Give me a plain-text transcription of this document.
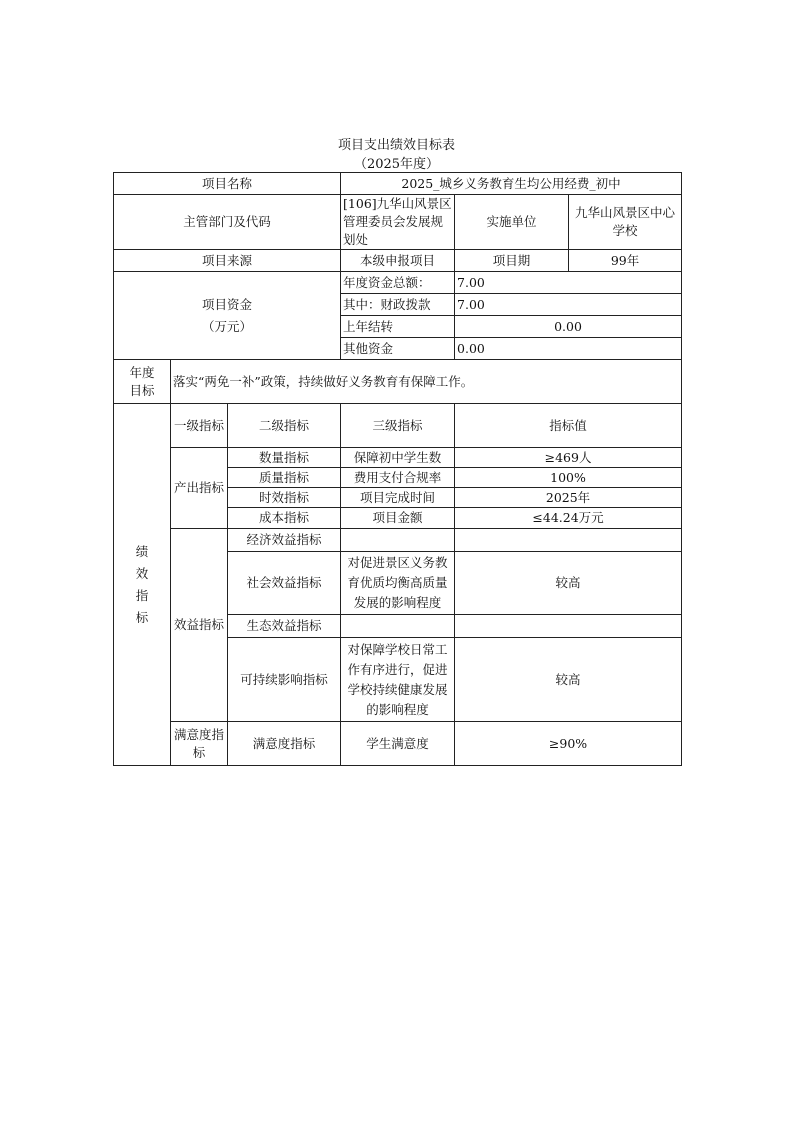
项目支出绩效目标表
（2025年度）
项目名称			2025_城乡义务教育生均公用经费_初中		
主管部门及代码			[106]九华山风景区管理委员会发展规划处	实施单位	九华山风景区中心学校
项目来源			本级申报项目	项目期	99年

项目资金
（万元）			年度资金总额：	7.00	
			其中：财政拨款	7.00	
			上年结转	0.00	
			其他资金	0.00	

年度
目标	落实“两免一补”政策，持续做好义务教育有保障工作。				

绩
效
指
标	一级指标	二级指标	三级指标	指标值	
	产出指标	数量指标	保障初中学生数	≥469人	
		质量指标	费用支付合规率	100%	
		时效指标	项目完成时间	2025年	
		成本指标	项目金额	≤44.24万元	
	效益指标	经济效益指标			
		社会效益指标	对促进景区义务教育优质均衡高质量发展的影响程度	较高	
		生态效益指标			
		可持续影响指标	对保障学校日常工作有序进行，促进学校持续健康发展的影响程度	较高	
	满意度指标	满意度指标	学生满意度	≥90%	
